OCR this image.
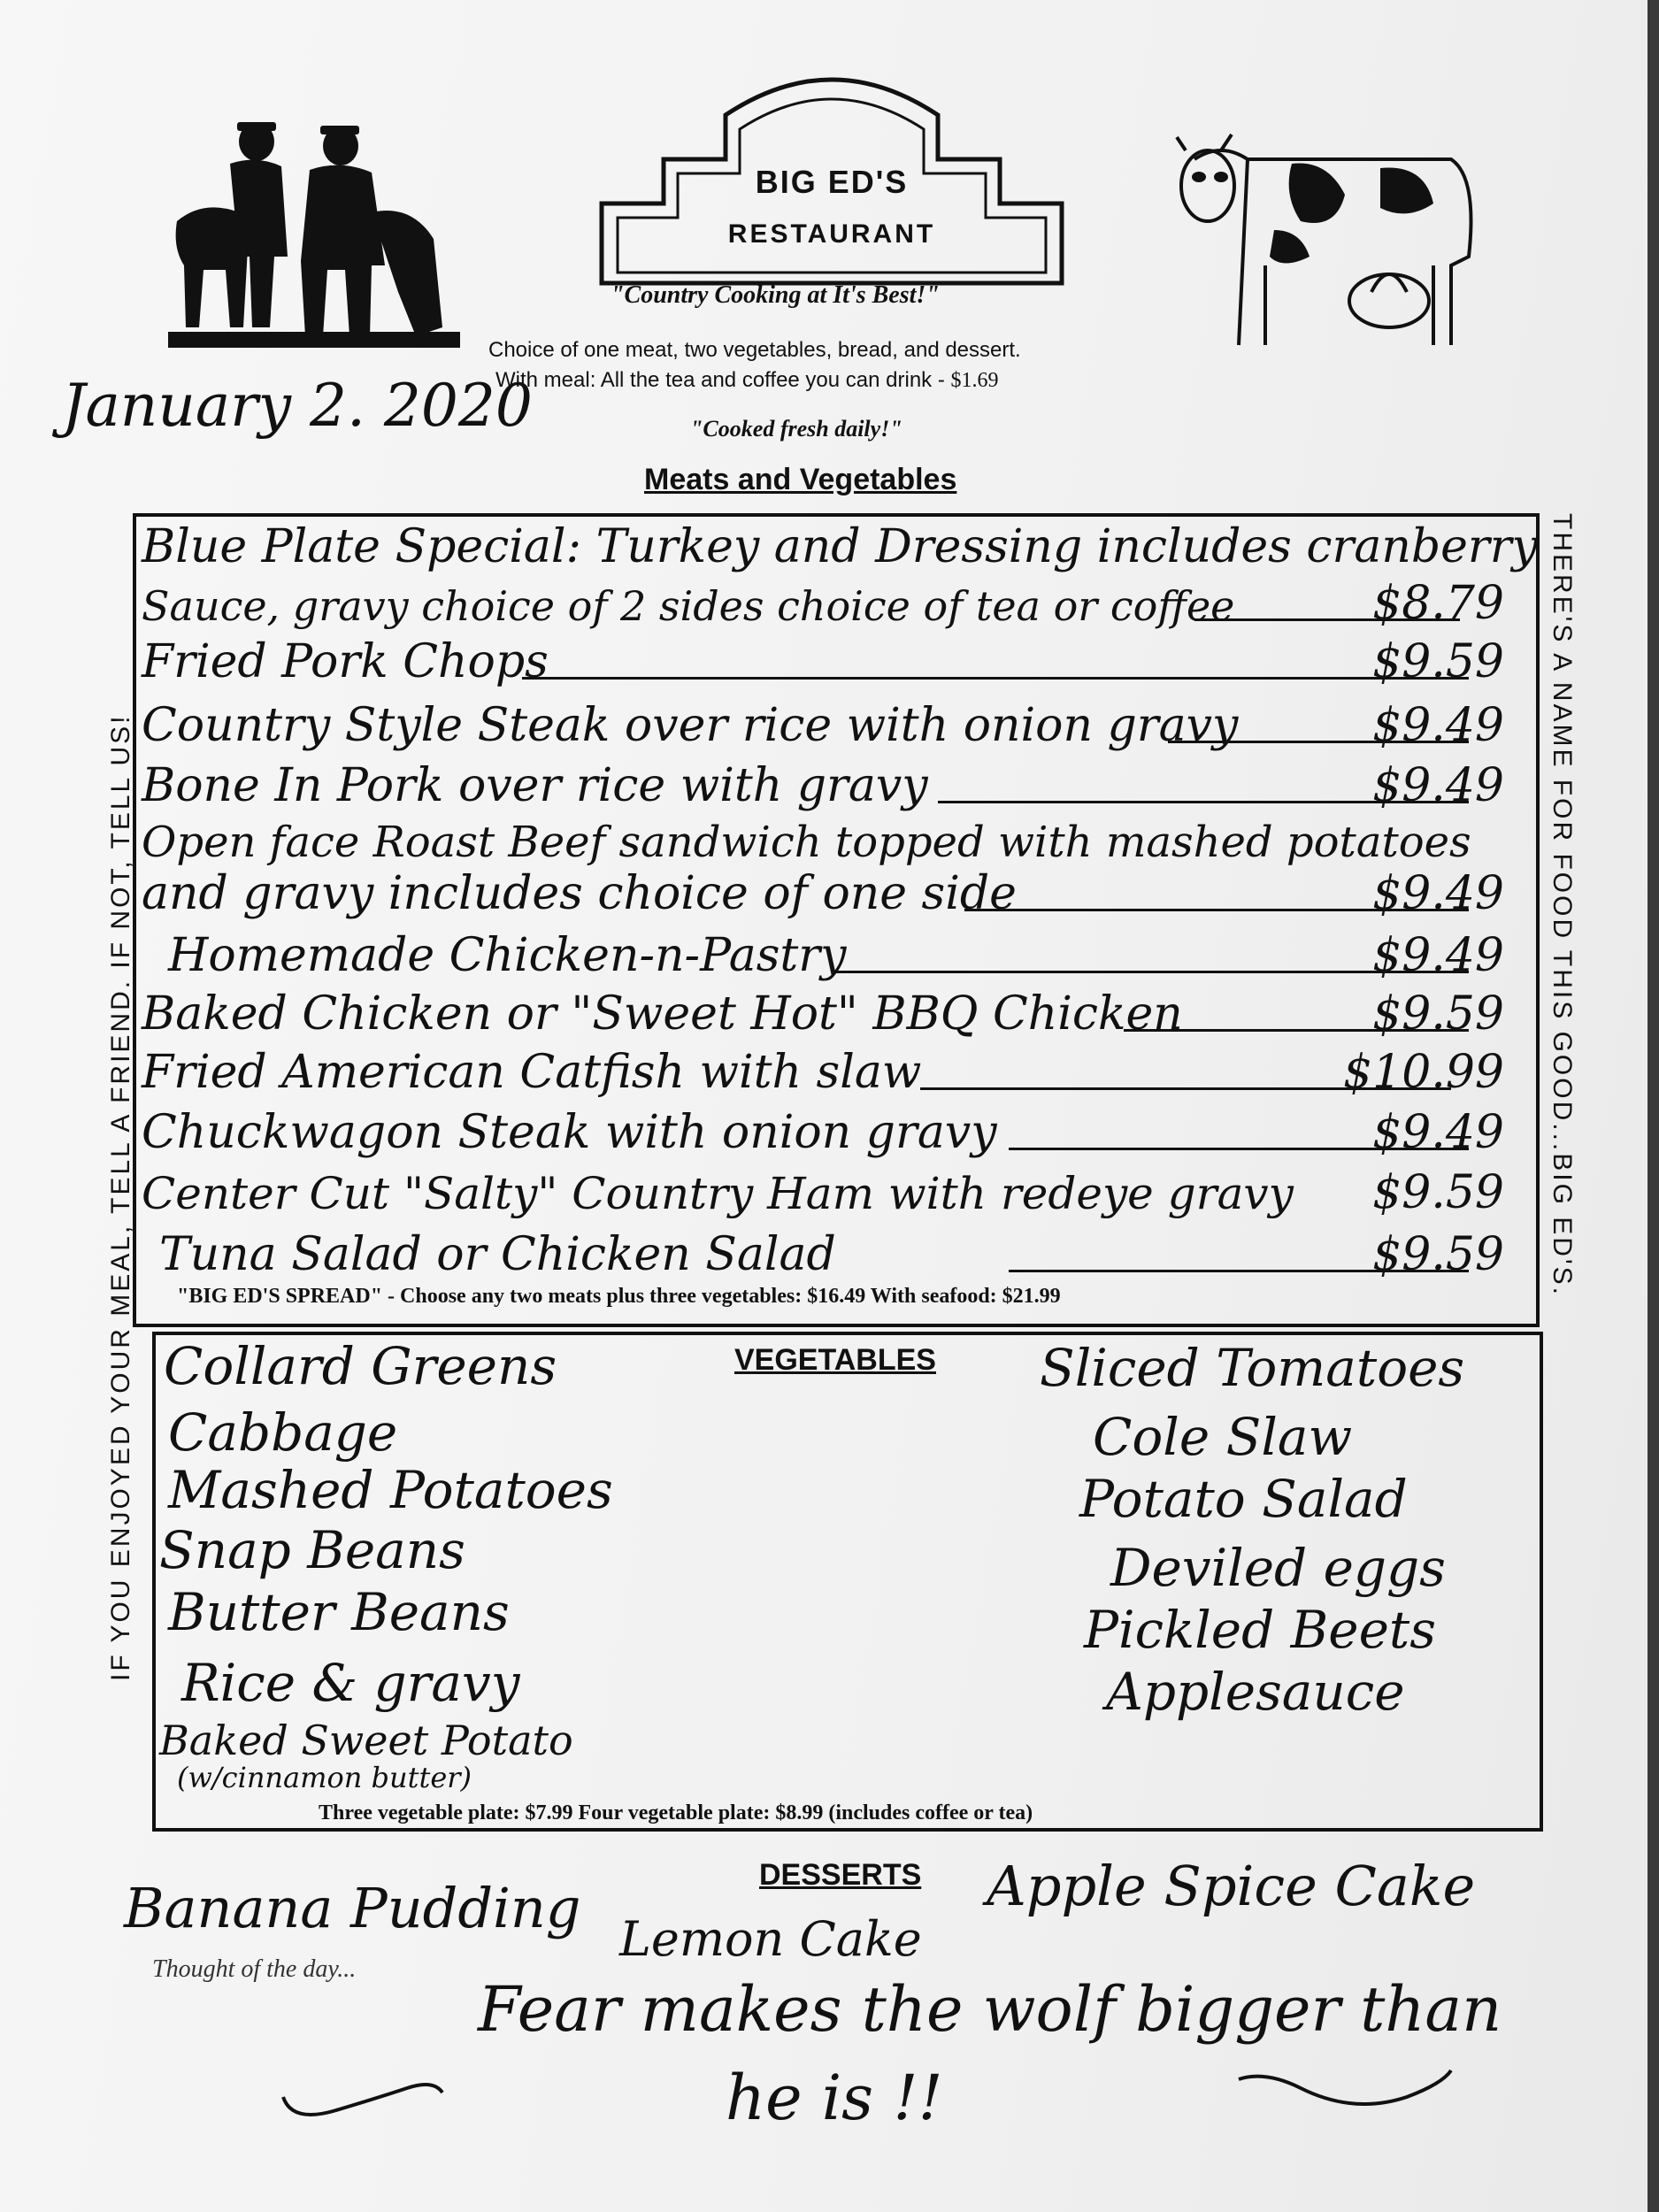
BIG ED'S
RESTAURANT
"Country Cooking at It's Best!"
Choice of one meat, two vegetables, bread, and dessert.
With meal: All the tea and coffee you can drink - $1.69
January 2. 2020	"Cooked fresh daily!"
Meats and Vegetables
IF YOU ENJOYED YOUR MEAL, TELL A FRIEND. IF NOT, TELL US!	THERE'S A NAME FOR FOOD THIS GOOD...BIG ED'S.
Blue Plate Special: Turkey and Dressing includes cranberry
Sauce, gravy choice of 2 sides choice of tea or coffee	$8.79
Fried Pork Chops	$9.59
Country Style Steak over rice with onion gravy	$9.49
Bone In Pork over rice with gravy	$9.49
Open face Roast Beef sandwich topped with mashed potatoes
and gravy includes choice of one side	$9.49
Homemade Chicken-n-Pastry	$9.49
Baked Chicken or "Sweet Hot" BBQ Chicken	$9.59
Fried American Catfish with slaw	$10.99
Chuckwagon Steak with onion gravy	$9.49
Center Cut "Salty" Country Ham with redeye gravy $9.59
Tuna Salad or Chicken Salad	$9.59
"BIG ED'S SPREAD" - Choose any two meats plus three vegetables: $16.49 With seafood: $21.99
VEGETABLES
Collard Greens
Cabbage
Mashed Potatoes
Snap Beans
Butter Beans
Rice & gravy
Baked Sweet Potato
(w/cinnamon butter)
Sliced Tomatoes
Cole Slaw
Potato Salad
Deviled eggs
Pickled Beets
Applesauce
Three vegetable plate: $7.99 Four vegetable plate: $8.99 (includes coffee or tea)
DESSERTS
Banana Pudding Lemon Cake
Apple Spice Cake
Thought of the day...
Fear makes the wolf bigger than
he is !!
